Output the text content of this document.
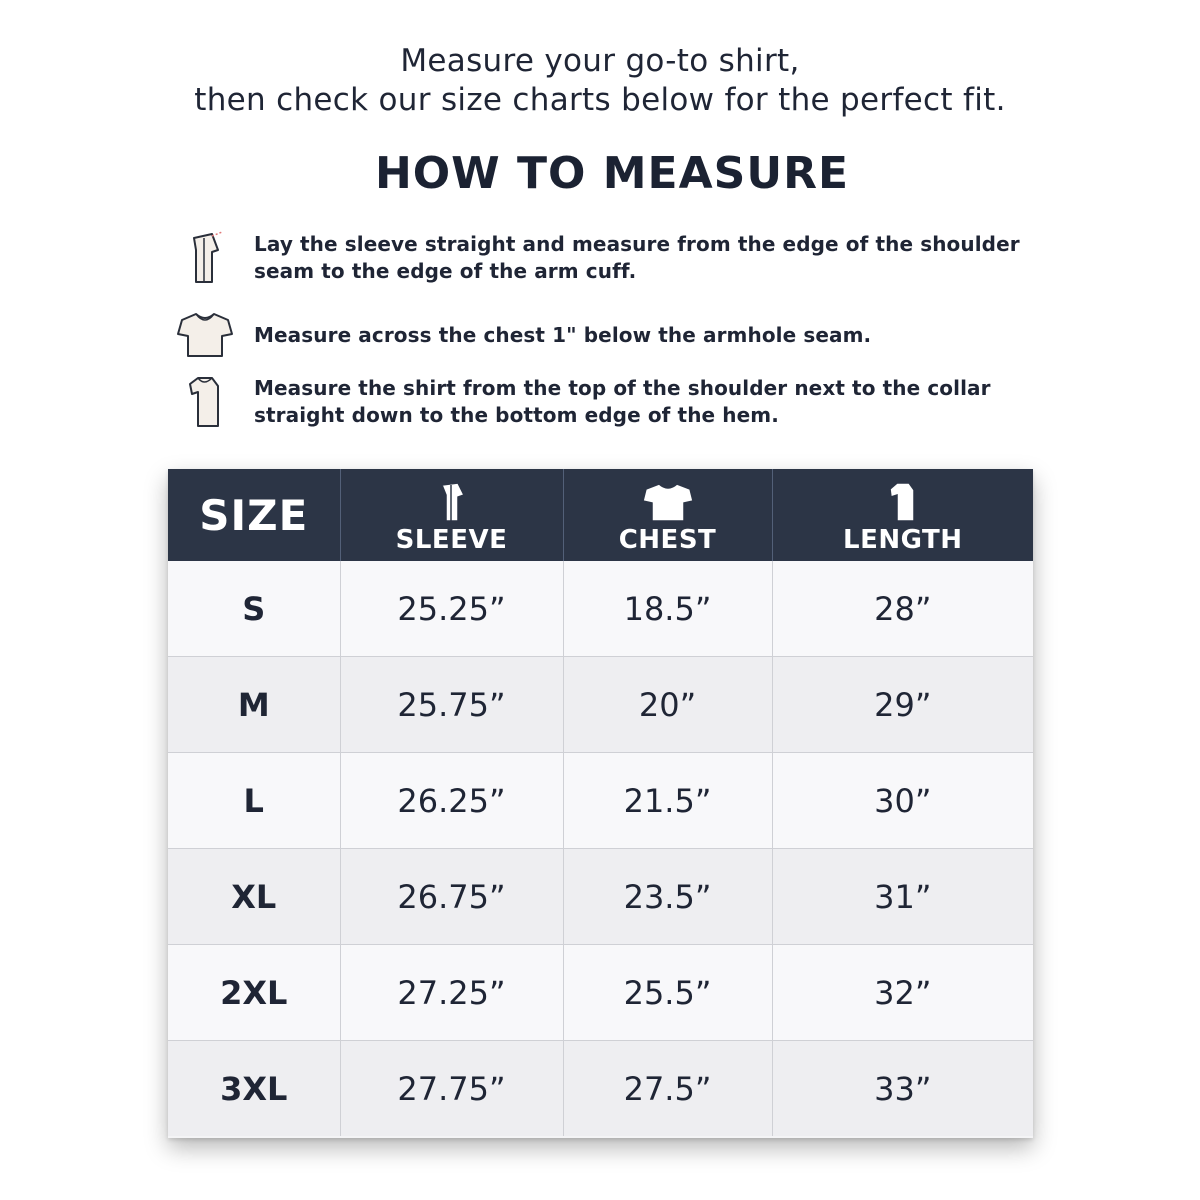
Measure your go-to shirt,
then check our size charts below for the perfect fit.
HOW TO MEASURE
Lay the sleeve straight and measure from the edge of the shoulder
seam to the edge of the arm cuff.
Measure across the chest 1" below the armhole seam.
Measure the shirt from the top of the shoulder next to the collar
straight down to the bottom edge of the hem.
SIZE	SLEEVE	CHEST	LENGTH

S	25.25”	18.5”	28”
M	25.75”	20”	29”
L	26.25”	21.5”	30”
XL	26.75”	23.5”	31”
2XL	27.25”	25.5”	32”
3XL	27.75”	27.5”	33”
